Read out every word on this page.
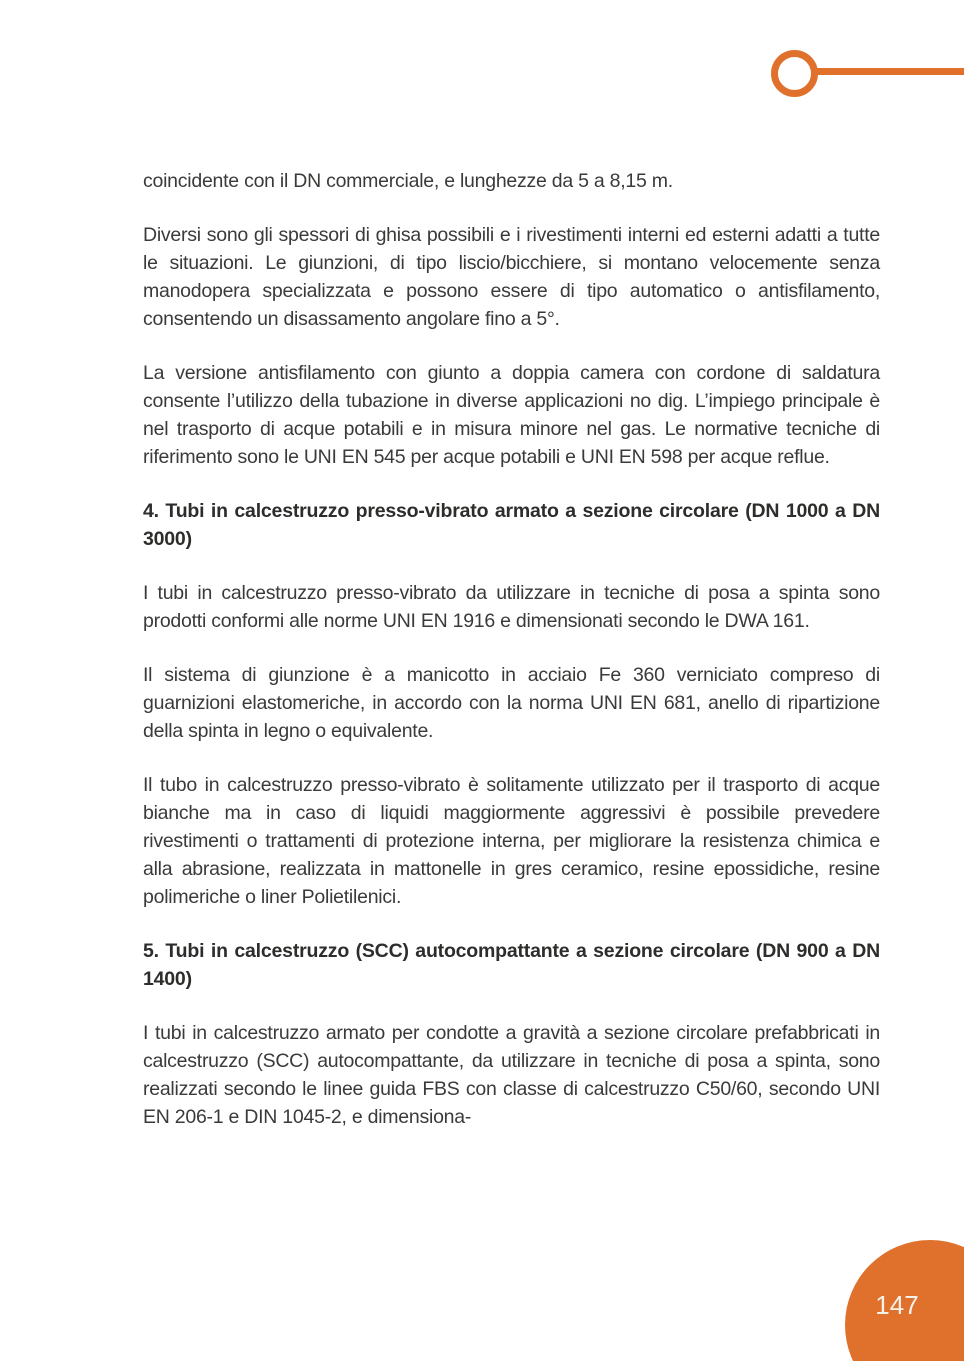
coincidente con il DN commerciale, e lunghezze da 5 a 8,15 m.

Diversi sono gli spessori di ghisa possibili e i rivestimenti interni ed esterni adatti a tutte le situazioni. Le giunzioni, di tipo liscio/bicchiere, si montano velocemente senza manodopera specializzata e possono essere di tipo automatico o antisfilamento, consentendo un disassamento angolare fino a 5°.

La versione antisfilamento con giunto a doppia camera con cordone di saldatura consente l’utilizzo della tubazione in diverse applicazioni no dig. L’impiego principale è nel trasporto di acque potabili e in misura minore nel gas. Le normative tecniche di riferimento sono le UNI EN 545 per acque potabili e UNI EN 598 per acque reflue.

4. Tubi in calcestruzzo presso-vibrato armato a sezione circolare (DN 1000 a DN 3000)

I tubi in calcestruzzo presso-vibrato da utilizzare in tecniche di posa a spinta sono prodotti conformi alle norme UNI EN 1916 e dimensionati secondo le DWA 161.

Il sistema di giunzione è a manicotto in acciaio Fe 360 verniciato compreso di guarnizioni elastomeriche, in accordo con la norma UNI EN 681, anello di ripartizione della spinta in legno o equivalente.

Il tubo in calcestruzzo presso-vibrato è solitamente utilizzato per il trasporto di acque bianche ma in caso di liquidi maggiormente aggressivi è possibile prevedere rivestimenti o trattamenti di protezione interna, per migliorare la resistenza chimica e alla abrasione, realizzata in mattonelle in gres ceramico, resine epossidiche, resine polimeriche o liner Polietilenici.

5. Tubi in calcestruzzo (SCC) autocompattante a sezione circolare (DN 900 a DN 1400)

I tubi in calcestruzzo armato per condotte a gravità a sezione circolare prefabbricati in calcestruzzo (SCC) autocompattante, da utilizzare in tecniche di posa a spinta, sono realizzati secondo le linee guida FBS con classe di calcestruzzo C50/60, secondo UNI EN 206-1 e DIN 1045-2, e dimensiona-

147
